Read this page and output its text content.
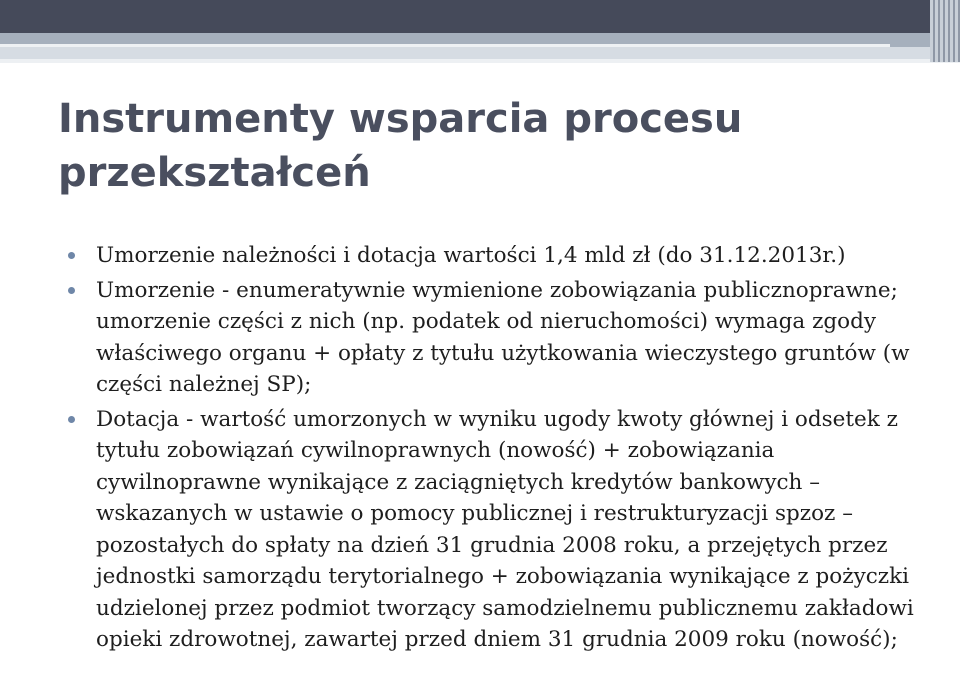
Instrumenty wsparcia procesu przekształceń
Umorzenie należności i dotacja wartości 1,4 mld zł (do 31.12.2013r.)
Umorzenie - enumeratywnie wymienione zobowiązania publicznoprawne; umorzenie części z nich (np. podatek od nieruchomości) wymaga zgody właściwego organu + opłaty z tytułu użytkowania wieczystego gruntów (w części należnej SP);
Dotacja - wartość umorzonych w wyniku ugody kwoty głównej i odsetek z tytułu zobowiązań cywilnoprawnych (nowość) + zobowiązania cywilnoprawne wynikające z zaciągniętych kredytów bankowych – wskazanych w ustawie o pomocy publicznej i restrukturyzacji spzoz – pozostałych do spłaty na dzień 31 grudnia 2008 roku, a przejętych przez jednostki samorządu terytorialnego + zobowiązania wynikające z pożyczki udzielonej przez podmiot tworzący samodzielnemu publicznemu zakładowi opieki zdrowotnej, zawartej przed dniem 31 grudnia 2009 roku (nowość);
